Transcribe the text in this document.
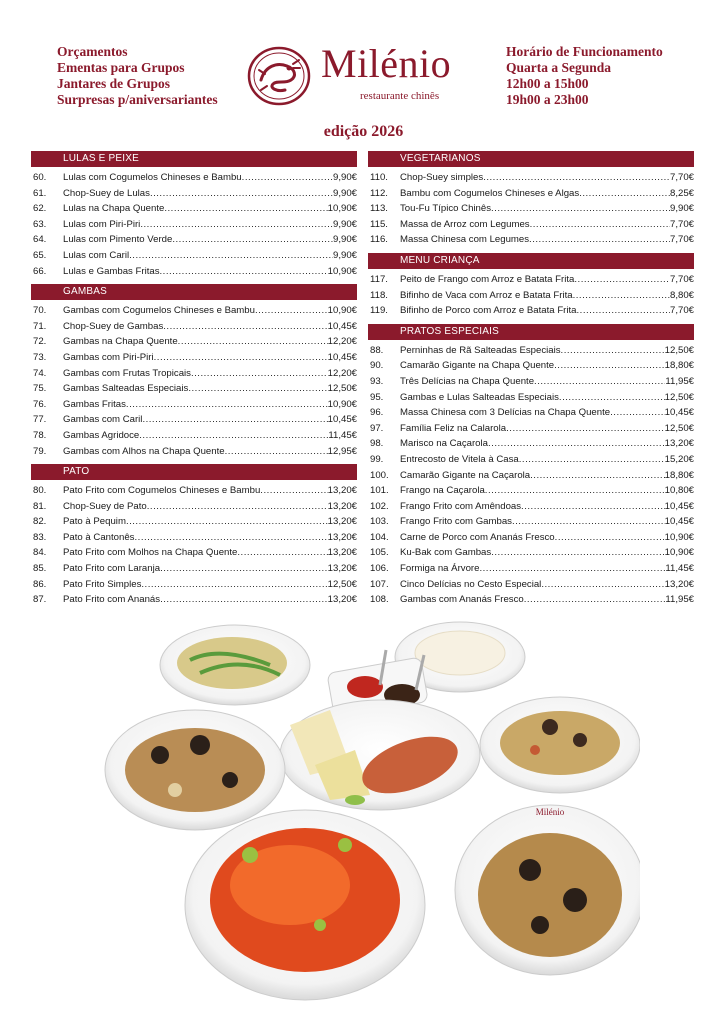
Orçamentos
Ementas para Grupos
Jantares de Grupos
Surpresas p/aniversariantes
Milénio
restaurante chinês
Horário de Funcionamento
Quarta a Segunda
12h00 a 15h00
19h00 a 23h00
edição 2026
LULAS E PEIXE
60.	Lulas com Cogumelos Chineses e Bambu .....	9,90€
61.	Chop-Suey de Lulas .....	9,90€
62.	Lulas na Chapa Quente .....	10,90€
63.	Lulas com Piri-Piri .....	9,90€
64.	Lulas com Pimento Verde .....	9,90€
65.	Lulas com Caril .....	9,90€
66.	Lulas e Gambas Fritas .....	10,90€
GAMBAS
70.	Gambas com Cogumelos Chineses e Bambu .....	10,90€
71.	Chop-Suey de Gambas .....	10,45€
72.	Gambas na Chapa Quente .....	12,20€
73.	Gambas com Piri-Piri .....	10,45€
74.	Gambas com Frutas Tropicais .....	12,20€
75.	Gambas Salteadas Especiais .....	12,50€
76.	Gambas Fritas .....	10,90€
77.	Gambas com Caril .....	10,45€
78.	Gambas Agridoce .....	11,45€
79.	Gambas com Alhos na Chapa Quente .....	12,95€
PATO
80.	Pato Frito com Cogumelos Chineses e Bambu .....	13,20€
81.	Chop-Suey de Pato .....	13,20€
82.	Pato à Pequim .....	13,20€
83.	Pato à Cantonês .....	13,20€
84.	Pato Frito com Molhos na Chapa Quente .....	13,20€
85.	Pato Frito com Laranja .....	13,20€
86.	Pato Frito Simples .....	12,50€
87.	Pato Frito com Ananás .....	13,20€
VEGETARIANOS
110.	Chop-Suey simples .....	7,70€
112.	Bambu com Cogumelos Chineses e Algas .....	8,25€
113.	Tou-Fu Típico Chinês .....	9,90€
115.	Massa de Arroz com Legumes .....	7,70€
116.	Massa Chinesa com Legumes .....	7,70€
MENU CRIANÇA
117.	Peito de Frango com Arroz e Batata Frita .....	7,70€
118.	Bifinho de Vaca com Arroz e Batata Frita .....	8,80€
119.	Bifinho de Porco com Arroz e Batata Frita .....	7,70€
PRATOS ESPECIAIS
88.	Perninhas de Rã Salteadas Especiais .....	12,50€
90.	Camarão Gigante na Chapa Quente .....	18,80€
93.	Três Delícias na Chapa Quente .....	11,95€
95.	Gambas e Lulas Salteadas Especiais .....	12,50€
96.	Massa Chinesa com 3 Delícias na Chapa Quente .....	10,45€
97.	Família Feliz na Calarola .....	12,50€
98.	Marisco na Caçarola .....	13,20€
99.	Entrecosto de Vitela à Casa .....	15,20€
100.	Camarão Gigante na Caçarola .....	18,80€
101.	Frango na Caçarola .....	10,80€
102.	Frango Frito com Amêndoas .....	10,45€
103.	Frango Frito com Gambas .....	10,45€
104.	Carne de Porco com Ananás Fresco .....	10,90€
105.	Ku-Bak com Gambas .....	10,90€
106.	Formiga na Árvore .....	11,45€
107.	Cinco Delícias no Cesto Especial .....	13,20€
108.	Gambas com Ananás Fresco .....	11,95€
Milénio
